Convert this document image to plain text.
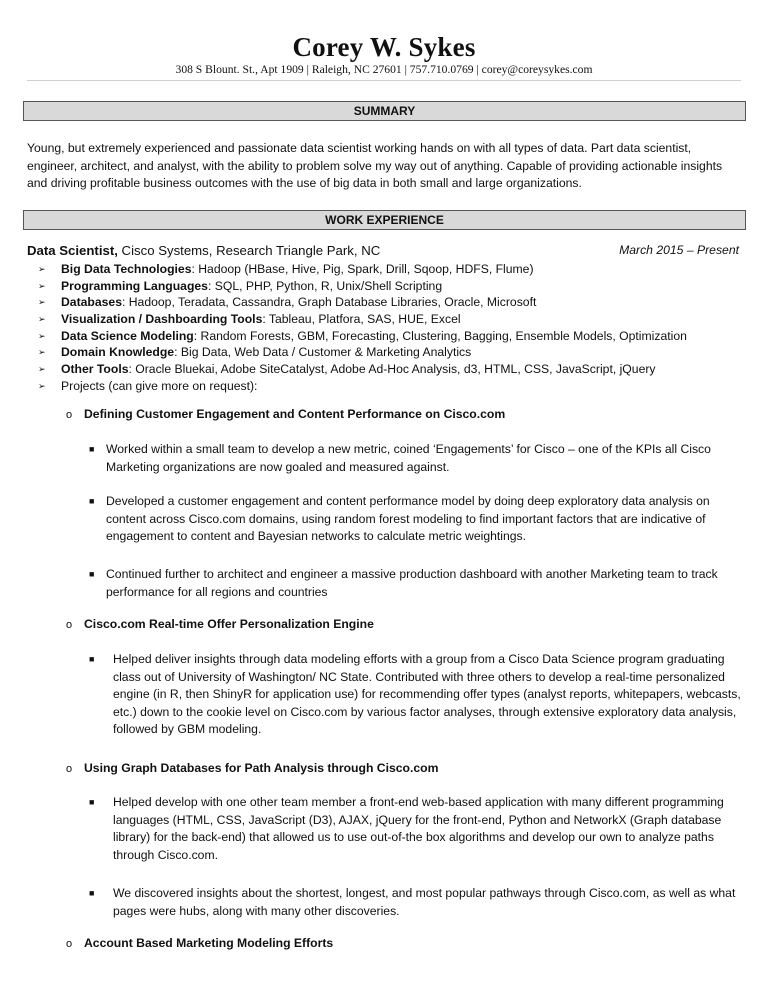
Corey W. Sykes
308 S Blount. St., Apt 1909 | Raleigh, NC 27601 | 757.710.0769 | corey@coreysykes.com
SUMMARY
Young, but extremely experienced and passionate data scientist working hands on with all types of data. Part data scientist, engineer, architect, and analyst, with the ability to problem solve my way out of anything. Capable of providing actionable insights and driving profitable business outcomes with the use of big data in both small and large organizations.
WORK EXPERIENCE
Data Scientist, Cisco Systems, Research Triangle Park, NC	March 2015 – Present
➢ Big Data Technologies: Hadoop (HBase, Hive, Pig, Spark, Drill, Sqoop, HDFS, Flume)
➢ Programming Languages: SQL, PHP, Python, R, Unix/Shell Scripting
➢ Databases: Hadoop, Teradata, Cassandra, Graph Database Libraries, Oracle, Microsoft
➢ Visualization / Dashboarding Tools: Tableau, Platfora, SAS, HUE, Excel
➢ Data Science Modeling: Random Forests, GBM, Forecasting, Clustering, Bagging, Ensemble Models, Optimization
➢ Domain Knowledge: Big Data, Web Data / Customer & Marketing Analytics
➢ Other Tools: Oracle Bluekai, Adobe SiteCatalyst, Adobe Ad-Hoc Analysis, d3, HTML, CSS, JavaScript, jQuery
➢ Projects (can give more on request):
o Defining Customer Engagement and Content Performance on Cisco.com
■ Worked within a small team to develop a new metric, coined ‘Engagements’ for Cisco – one of the KPIs all Cisco Marketing organizations are now goaled and measured against.
■ Developed a customer engagement and content performance model by doing deep exploratory data analysis on content across Cisco.com domains, using random forest modeling to find important factors that are indicative of engagement to content and Bayesian networks to calculate metric weightings.
■ Continued further to architect and engineer a massive production dashboard with another Marketing team to track performance for all regions and countries
o Cisco.com Real-time Offer Personalization Engine
■	Helped deliver insights through data modeling efforts with a group from a Cisco Data Science program graduating class out of University of Washington/ NC State. Contributed with three others to develop a real-time personalized engine (in R, then ShinyR for application use) for recommending offer types (analyst reports, whitepapers, webcasts, etc.) down to the cookie level on Cisco.com by various factor analyses, through extensive exploratory data analysis, followed by GBM modeling.
o Using Graph Databases for Path Analysis through Cisco.com
■	Helped develop with one other team member a front-end web-based application with many different programming languages (HTML, CSS, JavaScript (D3), AJAX, jQuery for the front-end, Python and NetworkX (Graph database library) for the back-end) that allowed us to use out-of-the box algorithms and develop our own to analyze paths through Cisco.com.
■	We discovered insights about the shortest, longest, and most popular pathways through Cisco.com, as well as what pages were hubs, along with many other discoveries.
o Account Based Marketing Modeling Efforts
